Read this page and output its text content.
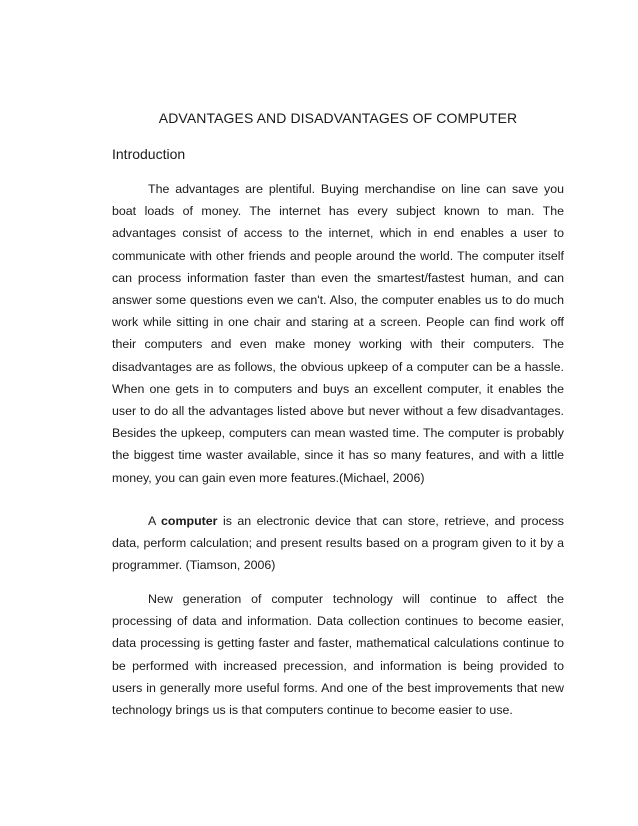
ADVANTAGES AND DISADVANTAGES OF COMPUTER
Introduction

The advantages are plentiful. Buying merchandise on line can save you boat loads of money. The internet has every subject known to man. The advantages consist of access to the internet, which in end enables a user to communicate with other friends and people around the world. The computer itself can process information faster than even the smartest/fastest human, and can answer some questions even we can't. Also, the computer enables us to do much work while sitting in one chair and staring at a screen. People can find work off their computers and even make money working with their computers. The disadvantages are as follows, the obvious upkeep of a computer can be a hassle. When one gets in to computers and buys an excellent computer, it enables the user to do all the advantages listed above but never without a few disadvantages. Besides the upkeep, computers can mean wasted time. The computer is probably the biggest time waster available, since it has so many features, and with a little money, you can gain even more features.(Michael, 2006)

A computer is an electronic device that can store, retrieve, and process data, perform calculation; and present results based on a program given to it by a programmer. (Tiamson, 2006)

New generation of computer technology will continue to affect the processing of data and information. Data collection continues to become easier, data processing is getting faster and faster, mathematical calculations continue to be performed with increased precession, and information is being provided to users in generally more useful forms. And one of the best improvements that new technology brings us is that computers continue to become easier to use.
